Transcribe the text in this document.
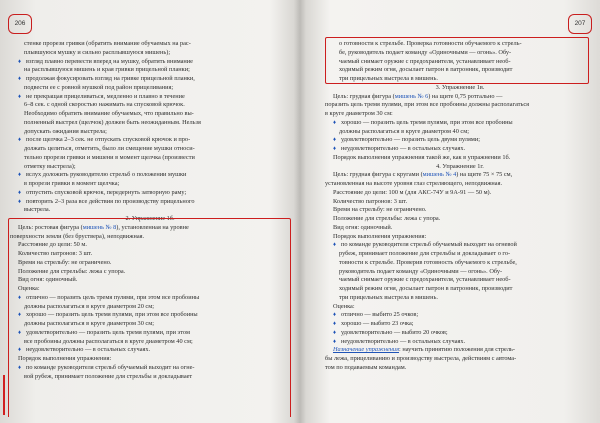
206
стенке прорези гривки (обратить внимание обучаемых на рас-
плывшуюся мушку и сильно расплывшуюся мишень);
♦ взгляд плавно перевести вперед на мушку, обратить внимание
на расплывшуюся мишень и края гривки прицельной планки;
♦ продолжая фокусировать взгляд на гривке прицельной планки,
подвести ее с ровной мушкой под район прицеливания;
♦ не прекращая прицеливаться, медленно и плавно в течение
6–8 сек. с одной скоростью нажимать на спусковой крючок.
Необходимо обратить внимание обучаемых, что правильно вы-
полненный выстрел (щелчок) должен быть неожиданным. Нельзя
допускать ожидания выстрела;
♦ после щелчка 2–3 сек. не отпускать спусковой крючок и про-
должать целиться, отметить, было ли смещение мушки относи-
тельно прорези гривки и мишени в момент щелчка (произвести
отметку выстрела);
♦ вслух доложить руководителю стрельб о положении мушки
в прорези гривки в момент щелчка;
♦ отпустить спусковой крючок, передернуть затворную раму;
♦ повторить 2–3 раза все действия по производству прицельного
выстрела.
2. Упражнение 1б.
Цель: ростовая фигура (мишень № 8), установленная на уровне
поверхности земли (без бруствера), неподвижная.
Расстояние до цели: 50 м.
Количество патронов: 3 шт.
Время на стрельбу: не ограничено.
Положение для стрельбы: лежа с упора.
Вид огня: одиночный.
Оценка:
♦ отлично — поразить цель тремя пулями, при этом все пробоины
должны располагаться в круге диаметром 20 см;
♦ хорошо — поразить цель тремя пулями, при этом все пробоины
должны располагаться в круге диаметром 30 см;
♦ удовлетворительно — поразить цель тремя пулями, при этом
все пробоины должны располагаться в круге диаметром 40 см;
♦ неудовлетворительно — в остальных случаях.
Порядок выполнения упражнения:
♦ по команде руководителя стрельб обучаемый выходит на огне-
вой рубеж, принимает положение для стрельбы и докладывает
207
о готовности к стрельбе. Проверка готовности обучаемого к стрель-
бе, руководитель подает команду «Одиночными — огонь». Обу-
чаемый снимает оружие с предохранителя, устанавливает необ-
ходимый режим огня, досылает патрон в патронник, производит
три прицельных выстрела в мишень.
3. Упражнение 1в.
Цель: грудная фигура (мишень № 6) на щите 0,75 ротгально —
поразить цель тремя пулями, при этом все пробоины должны располагаться
в круге диаметром 30 см:
♦ хорошо — поразить цель тремя пулями, при этом все пробоины
должны располагаться в круге диаметром 40 см;
♦ удовлетворительно — поразить цель двумя пулями;
♦ неудовлетворительно — в остальных случаях.
Порядок выполнения упражнения такой же, как в упражнении 1б.
4. Упражнение 1г.
Цель: грудная фигура с кругами (мишень № 4) на щите 75 × 75 см,
установленная на высоте уровня глаз стреляющего, неподвижная.
Расстояние до цели: 100 м (для АКС-74У и 9А-91 — 50 м).
Количество патронов: 3 шт.
Время на стрельбу: не ограничено.
Положение для стрельбы: лежа с упора.
Вид огня: одиночный.
Порядок выполнения упражнения:
♦ по команде руководителя стрельб обучаемый выходит на огневой
рубеж, принимает положение для стрельбы и докладывает о го-
товности к стрельбе. Проверив готовность обучаемого к стрельбе,
руководитель подает команду «Одиночными — огонь». Обу-
чаемый снимает оружие с предохранителя, устанавливает необ-
ходимый режим огня, досылает патрон в патронник, производит
три прицельных выстрела в мишень.
Оценка:
♦ отлично — выбито 25 очков;
♦ хорошо — выбито 23 очка;
♦ удовлетворительно — выбито 20 очков;
♦ неудовлетворительно — в остальных случаях.
Назначение упражнения: научить принятию положения для стрель-
бы лежа, прицеливанию и производству выстрела, действиям с автома-
том по подаваемым командам.
